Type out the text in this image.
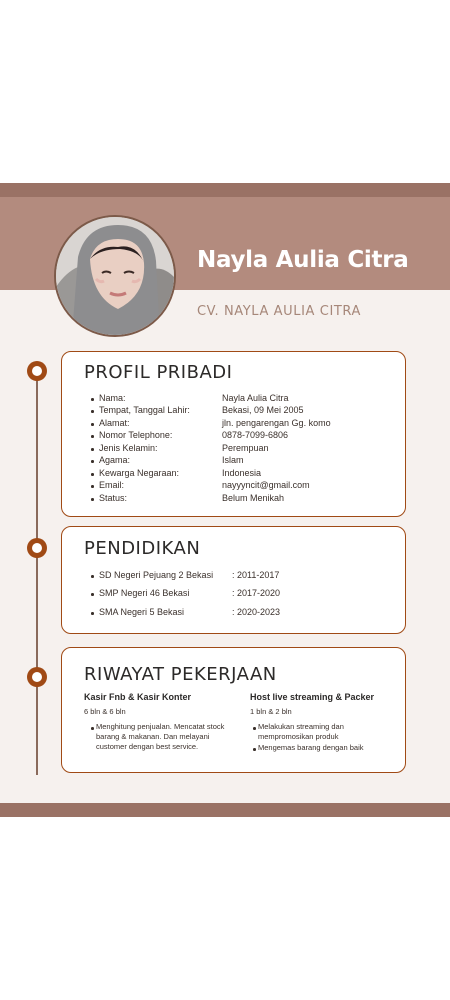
Nayla Aulia Citra
CV. NAYLA AULIA CITRA
PROFIL PRIBADI
Nama:	Nayla Aulia Citra
Tempat, Tanggal Lahir:	Bekasi, 09 Mei 2005
Alamat:	jln. pengarengan Gg. komo
Nomor Telephone:	0878-7099-6806
Jenis Kelamin:	Perempuan
Agama:	Islam
Kewarga Negaraan:	Indonesia
Email:	nayyyncit@gmail.com
Status:	Belum Menikah
PENDIDIKAN
SD Negeri Pejuang 2 Bekasi : 2011-2017
SMP Negeri 46 Bekasi	: 2017-2020
SMA Negeri 5 Bekasi	: 2020-2023
RIWAYAT PEKERJAAN
Kasir Fnb & Kasir Konter
6 bln & 6 bln
Menghitung penjualan. Mencatat stock barang & makanan. Dan melayani customer dengan best service.
Host live streaming & Packer
1 bln & 2 bln
Melakukan streaming dan mempromosikan produk
Mengemas barang dengan baik
